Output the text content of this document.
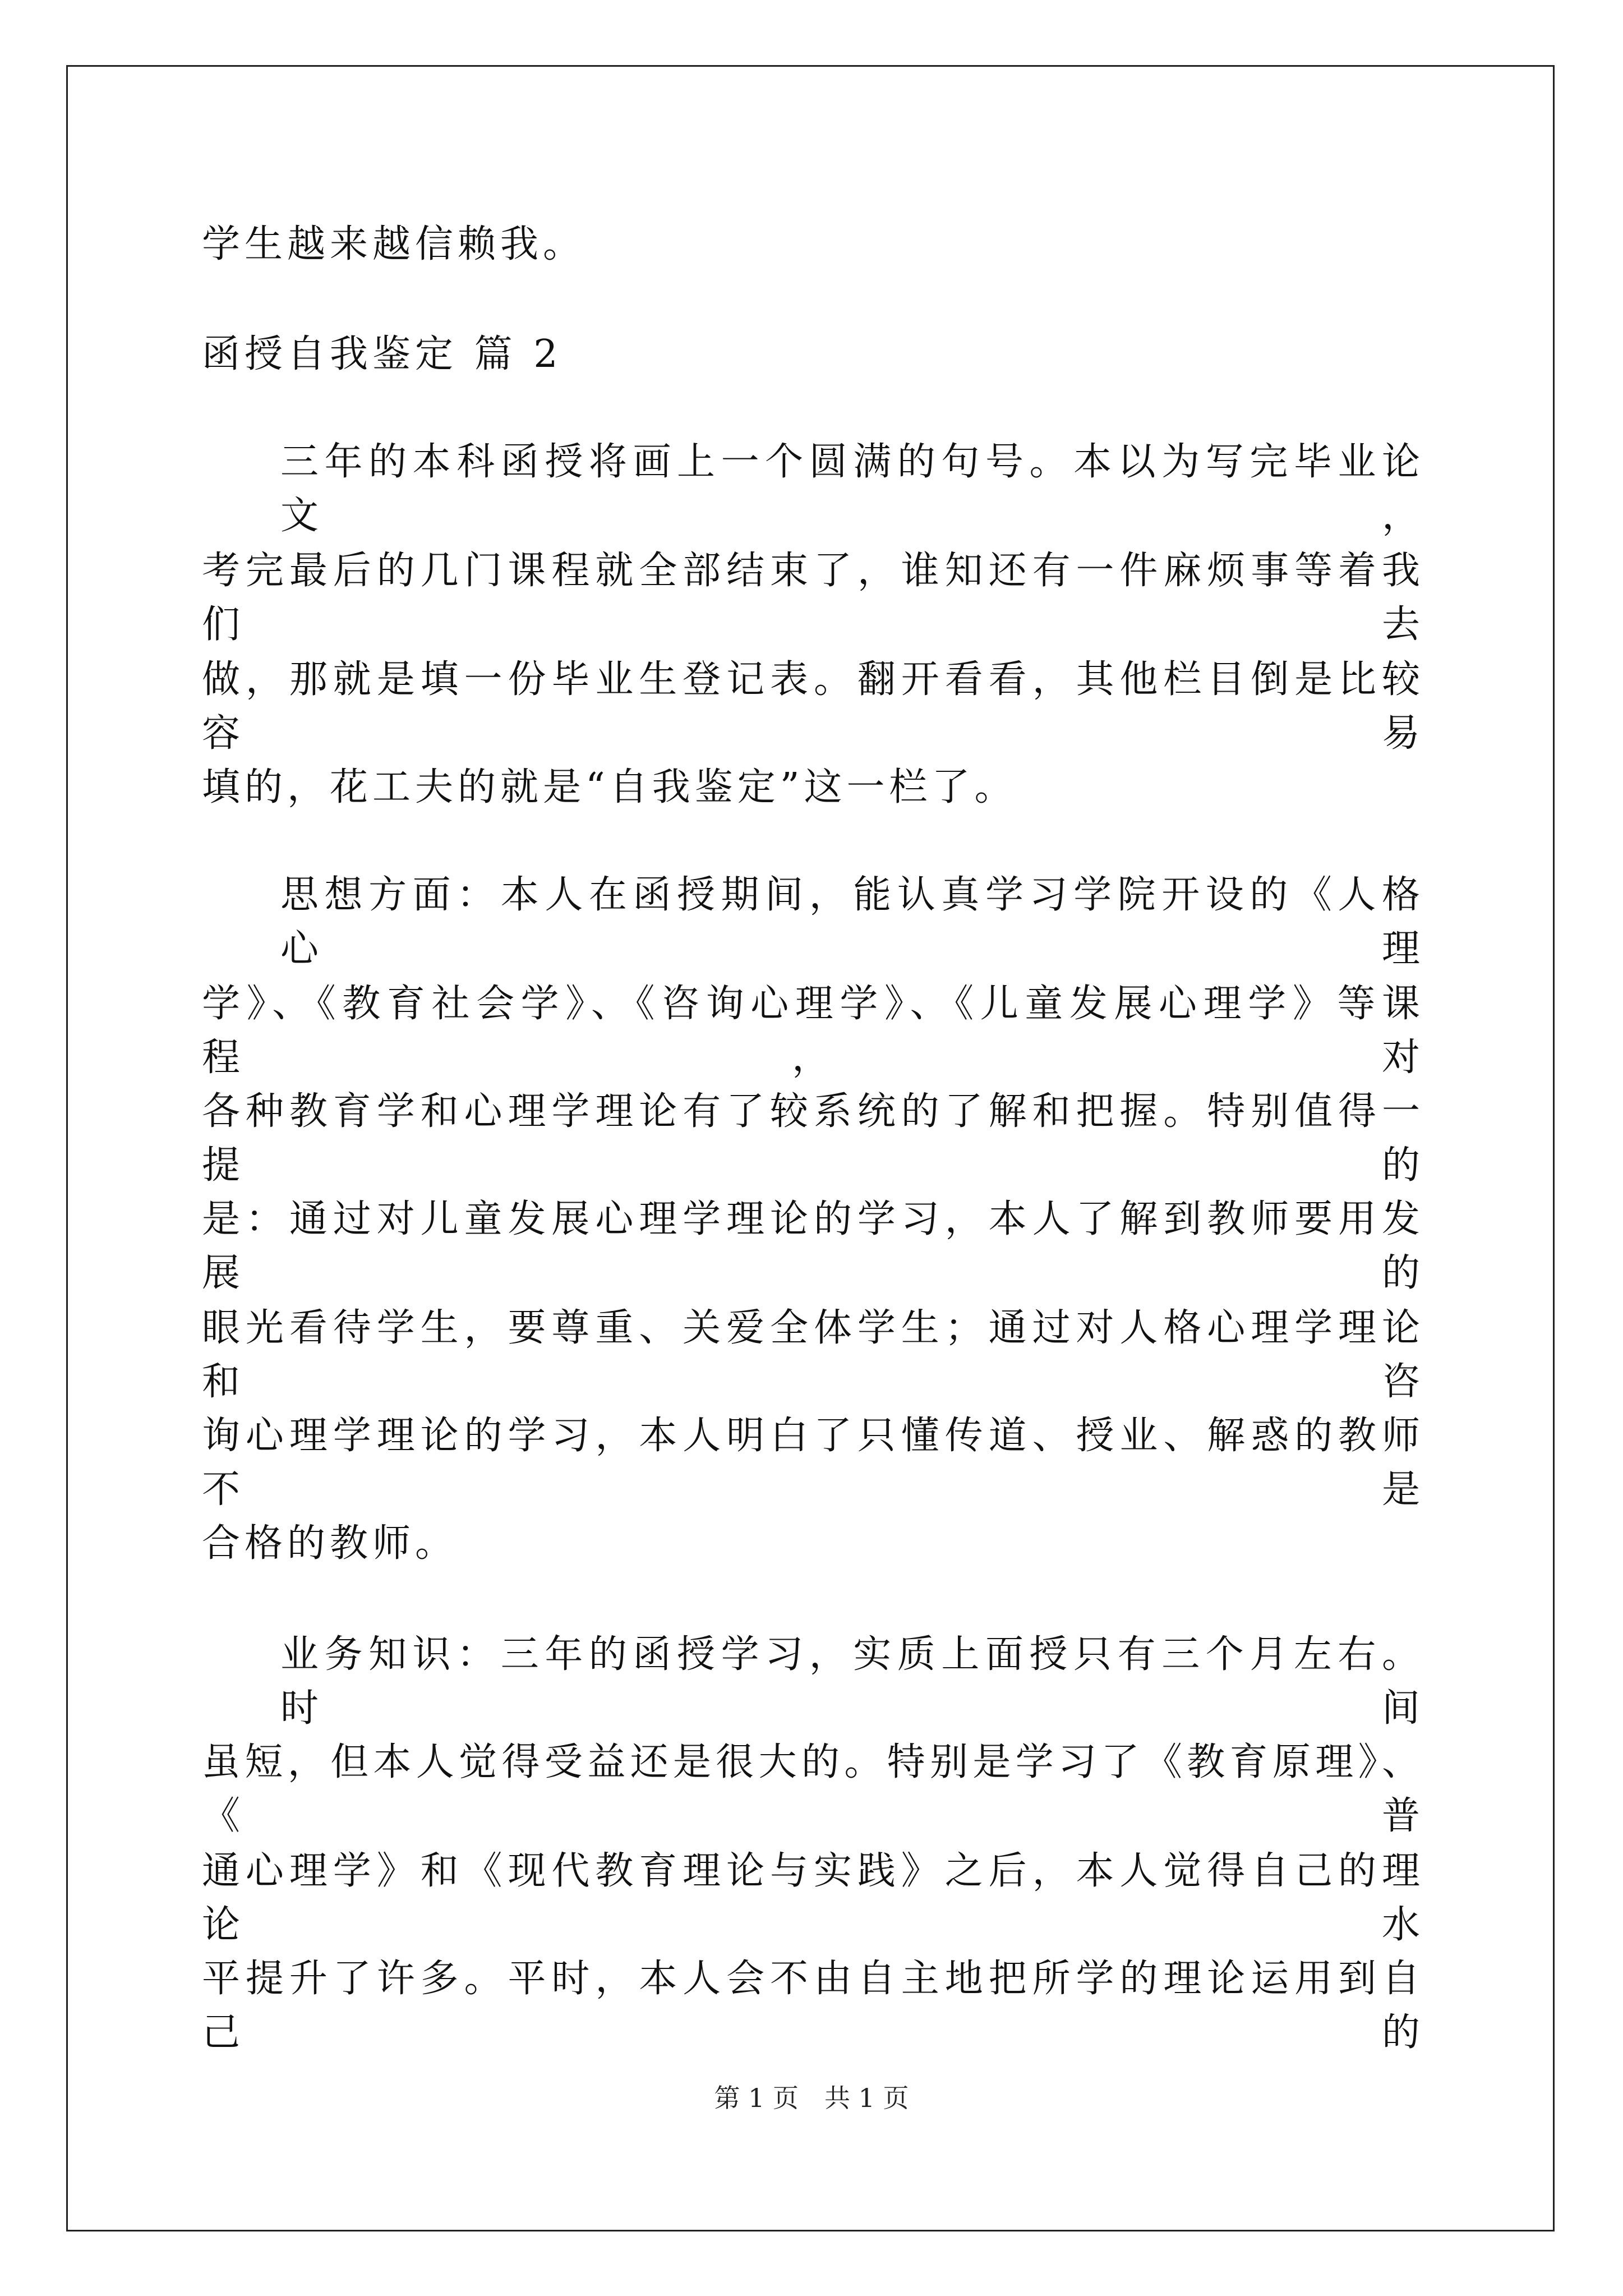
学生越来越信赖我。
函授自我鉴定 篇 2
三年的本科函授将画上一个圆满的句号。本以为写完毕业论文，
考完最后的几门课程就全部结束了，谁知还有一件麻烦事等着我们去
做，那就是填一份毕业生登记表。翻开看看，其他栏目倒是比较容易
填的，花工夫的就是“自我鉴定”这一栏了。
思想方面：本人在函授期间，能认真学习学院开设的《人格心理
学》、《教育社会学》、《咨询心理学》、《儿童发展心理学》等课程，对
各种教育学和心理学理论有了较系统的了解和把握。特别值得一提的
是：通过对儿童发展心理学理论的学习，本人了解到教师要用发展的
眼光看待学生，要尊重、关爱全体学生；通过对人格心理学理论和咨
询心理学理论的学习，本人明白了只懂传道、授业、解惑的教师不是
合格的教师。
业务知识：三年的函授学习，实质上面授只有三个月左右。时间
虽短，但本人觉得受益还是很大的。特别是学习了《教育原理》、《普
通心理学》和《现代教育理论与实践》之后，本人觉得自己的理论水
平提升了许多。平时，本人会不由自主地把所学的理论运用到自己的
第 1 页　共 1 页
